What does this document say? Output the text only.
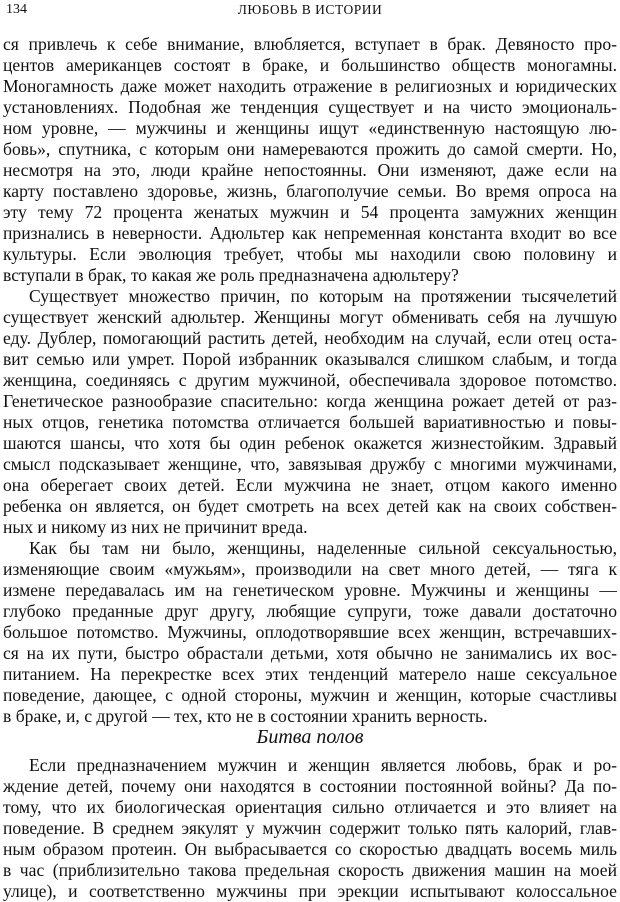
134	ЛЮБОВЬ В ИСТОРИИ
ся привлечь к себе внимание, влюбляется, вступает в брак. Девяносто про-
центов американцев состоят в браке, и большинство обществ моногамны.
Моногамность даже может находить отражение в религиозных и юридических
установлениях. Подобная же тенденция существует и на чисто эмоциональ-
ном уровне, — мужчины и женщины ищут «единственную настоящую лю-
бовь», спутника, с которым они намереваются прожить до самой смерти. Но,
несмотря на это, люди крайне непостоянны. Они изменяют, даже если на
карту поставлено здоровье, жизнь, благополучие семьи. Во время опроса на
эту тему 72 процента женатых мужчин и 54 процента замужних женщин
признались в неверности. Адюльтер как непременная константа входит во все
культуры. Если эволюция требует, чтобы мы находили свою половину и
вступали в брак, то какая же роль предназначена адюльтеру?
Существует множество причин, по которым на протяжении тысячелетий
существует женский адюльтер. Женщины могут обменивать себя на лучшую
еду. Дублер, помогающий растить детей, необходим на случай, если отец оста-
вит семью или умрет. Порой избранник оказывался слишком слабым, и тогда
женщина, соединяясь с другим мужчиной, обеспечивала здоровое потомство.
Генетическое разнообразие спасительно: когда женщина рожает детей от раз-
ных отцов, генетика потомства отличается большей вариативностью и повы-
шаются шансы, что хотя бы один ребенок окажется жизнестойким. Здравый
смысл подсказывает женщине, что, завязывая дружбу с многими мужчинами,
она оберегает своих детей. Если мужчина не знает, отцом какого именно
ребенка он является, он будет смотреть на всех детей как на своих собствен-
ных и никому из них не причинит вреда.
Как бы там ни было, женщины, наделенные сильной сексуальностью,
изменяющие своим «мужьям», производили на свет много детей, — тяга к
измене передавалась им на генетическом уровне. Мужчины и женщины —
глубоко преданные друг другу, любящие супруги, тоже давали достаточно
большое потомство. Мужчины, оплодотворявшие всех женщин, встречавших-
ся на их пути, быстро обрастали детьми, хотя обычно не занимались их вос-
питанием. На перекрестке всех этих тенденций матерело наше сексуальное
поведение, дающее, с одной стороны, мужчин и женщин, которые счастливы
в браке, и, с другой — тех, кто не в состоянии хранить верность.
Битва полов
Если предназначением мужчин и женщин является любовь, брак и ро-
ждение детей, почему они находятся в состоянии постоянной войны? Да по-
тому, что их биологическая ориентация сильно отличается и это влияет на
поведение. В среднем эякулят у мужчин содержит только пять калорий, глав-
ным образом протеин. Он выбрасывается со скоростью двадцать восемь миль
в час (приблизительно такова предельная скорость движения машин на моей
улице), и соответственно мужчины при эрекции испытывают колоссальное
